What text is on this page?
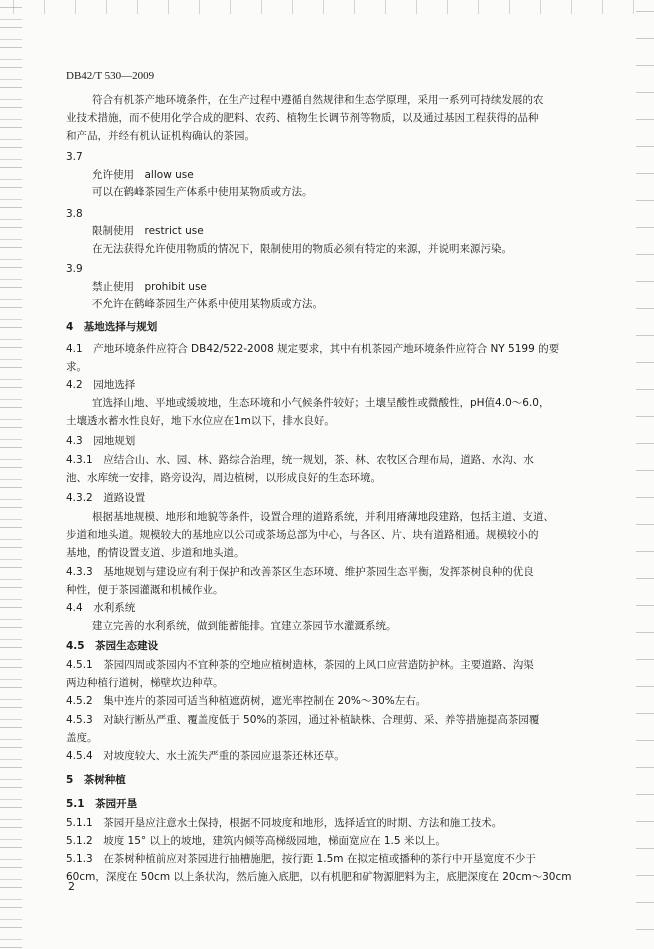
DB42/T 530—2009
符合有机茶产地环境条件，在生产过程中遵循自然规律和生态学原理，采用一系列可持续发展的农
业技术措施，而不使用化学合成的肥料、农药、植物生长调节剂等物质，以及通过基因工程获得的品种
和产品，并经有机认证机构确认的茶园。
3.7
允许使用　allow use
可以在鹤峰茶园生产体系中使用某物质或方法。
3.8
限制使用　restrict use
在无法获得允许使用物质的情况下，限制使用的物质必须有特定的来源，并说明来源污染。
3.9
禁止使用　prohibit use
不允许在鹤峰茶园生产体系中使用某物质或方法。
4　基地选择与规划
4.1　产地环境条件应符合 DB42/522-2008 规定要求，其中有机茶园产地环境条件应符合 NY 5199 的要
求。
4.2　园地选择
宜选择山地、平地或缓坡地，生态环境和小气候条件较好；土壤呈酸性或微酸性，pH值4.0～6.0，
土壤透水蓄水性良好，地下水位应在1m以下，排水良好。
4.3　园地规划
4.3.1　应结合山、水、园、林、路综合治理，统一规划，茶、林、农牧区合理布局，道路、水沟、水
池、水库统一安排，路旁设沟，周边植树，以形成良好的生态环境。
4.3.2　道路设置
根据基地规模、地形和地貌等条件，设置合理的道路系统，并利用瘠薄地段建路，包括主道、支道、
步道和地头道。规模较大的基地应以公司或茶场总部为中心，与各区、片、块有道路相通。规模较小的
基地，酌情设置支道、步道和地头道。
4.3.3　基地规划与建设应有利于保护和改善茶区生态环境、维护茶园生态平衡，发挥茶树良种的优良
种性，便于茶园灌溉和机械作业。
4.4　水利系统
建立完善的水利系统，做到能蓄能排。宜建立茶园节水灌溉系统。
4.5　茶园生态建设
4.5.1　茶园四周或茶园内不宜种茶的空地应植树造林，茶园的上风口应营造防护林。主要道路、沟渠
两边种植行道树，梯壁坎边种草。
4.5.2　集中连片的茶园可适当种植遮荫树，遮光率控制在 20%～30%左右。
4.5.3　对缺行断丛严重、覆盖度低于 50%的茶园，通过补植缺株、合理剪、采、养等措施提高茶园覆
盖度。
4.5.4　对坡度较大、水土流失严重的茶园应退茶还林还草。
5　茶树种植
5.1　茶园开垦
5.1.1　茶园开垦应注意水土保持，根据不同坡度和地形，选择适宜的时期、方法和施工技术。
5.1.2　坡度 15° 以上的坡地，建筑内倾等高梯级园地，梯面宽应在 1.5 米以上。
5.1.3　在茶树种植前应对茶园进行抽槽施肥，按行距 1.5m 在拟定植或播种的茶行中开垦宽度不少于
60cm，深度在 50cm 以上条状沟，然后施入底肥，以有机肥和矿物源肥料为主，底肥深度在 20cm～30cm
2
